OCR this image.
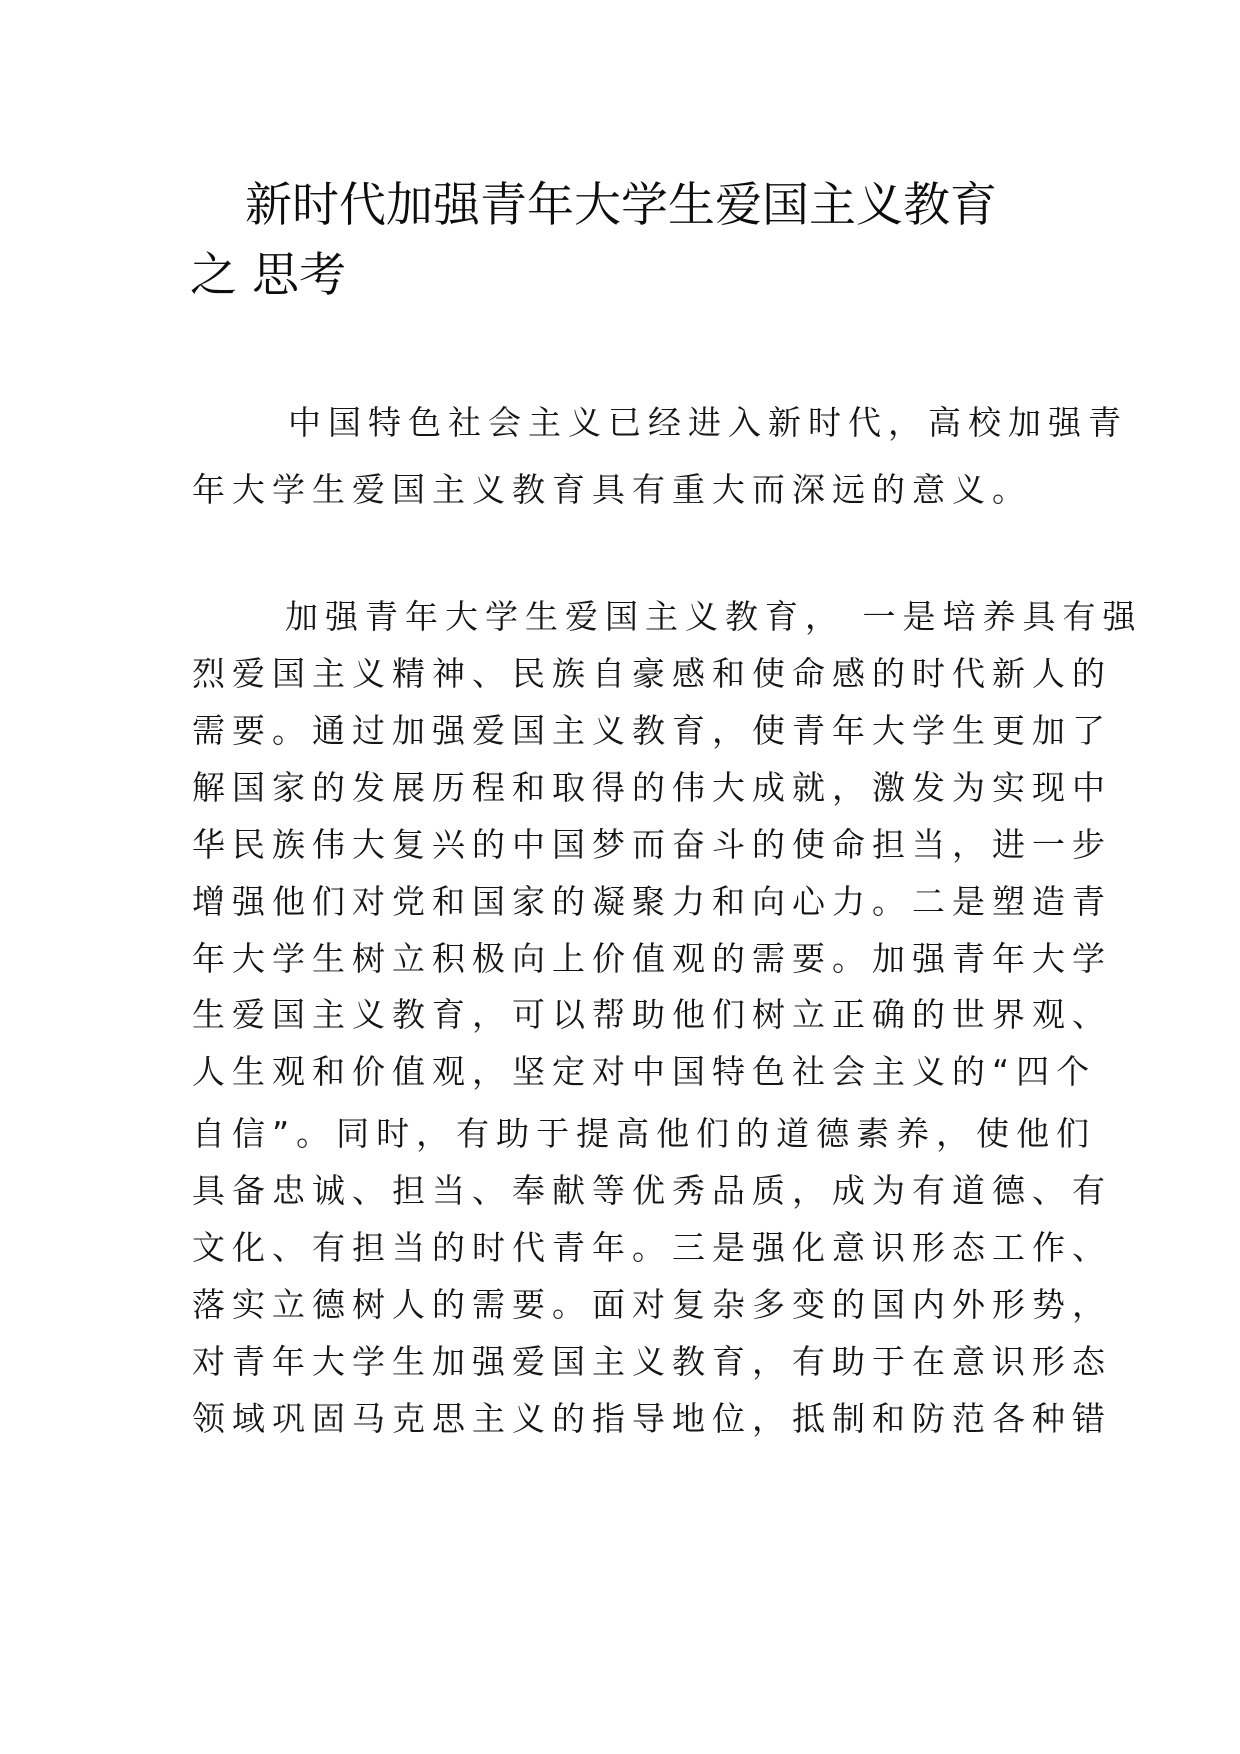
新时代加强青年大学生爱国主义教育
之 思考
中国特色社会主义已经进入新时代，高校加强青
年大学生爱国主义教育具有重大而深远的意义。
加强青年大学生爱国主义教育， 一是培养具有强
烈爱国主义精神、民族自豪感和使命感的时代新人的
需要。通过加强爱国主义教育，使青年大学生更加了
解国家的发展历程和取得的伟大成就，激发为实现中
华民族伟大复兴的中国梦而奋斗的使命担当，进一步
增强他们对党和国家的凝聚力和向心力。二是塑造青
年大学生树立积极向上价值观的需要。加强青年大学
生爱国主义教育，可以帮助他们树立正确的世界观、
人生观和价值观，坚定对中国特色社会主义的“四个
自信”。同时，有助于提高他们的道德素养，使他们
具备忠诚、担当、奉献等优秀品质，成为有道德、有
文化、有担当的时代青年。三是强化意识形态工作、
落实立德树人的需要。面对复杂多变的国内外形势，
对青年大学生加强爱国主义教育，有助于在意识形态
领域巩固马克思主义的指导地位，抵制和防范各种错
